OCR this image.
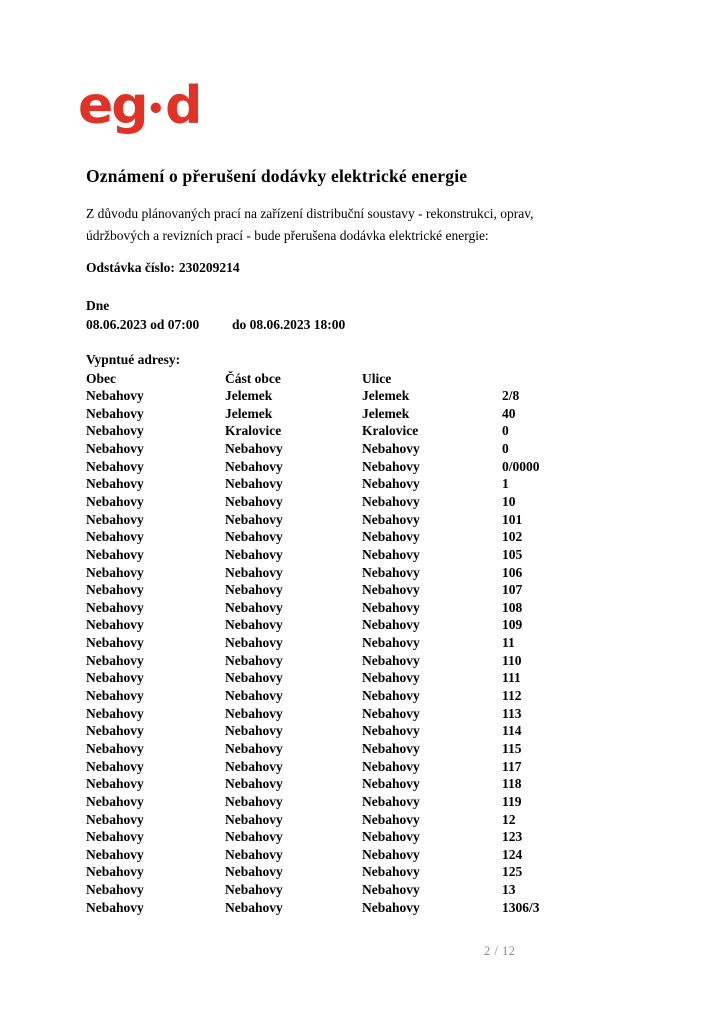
eg•d
Oznámení o přerušení dodávky elektrické energie
Z důvodu plánovaných prací na zařízení distribuční soustavy - rekonstrukci, oprav,
údržbových a revizních prací - bude přerušena dodávka elektrické energie:
Odstávka číslo: 230209214
Dne
08.06.2023 od 07:00 do 08.06.2023 18:00
Vypntué adresy:
Obec	Část obce	Ulice
Nebahovy	Jelemek	Jelemek	2/8
Nebahovy	Jelemek	Jelemek	40
Nebahovy	Kralovice	Kralovice	0
Nebahovy	Nebahovy	Nebahovy	0
Nebahovy	Nebahovy	Nebahovy	0/0000
Nebahovy	Nebahovy	Nebahovy	1
Nebahovy	Nebahovy	Nebahovy	10
Nebahovy	Nebahovy	Nebahovy	101
Nebahovy	Nebahovy	Nebahovy	102
Nebahovy	Nebahovy	Nebahovy	105
Nebahovy	Nebahovy	Nebahovy	106
Nebahovy	Nebahovy	Nebahovy	107
Nebahovy	Nebahovy	Nebahovy	108
Nebahovy	Nebahovy	Nebahovy	109
Nebahovy	Nebahovy	Nebahovy	11
Nebahovy	Nebahovy	Nebahovy	110
Nebahovy	Nebahovy	Nebahovy	111
Nebahovy	Nebahovy	Nebahovy	112
Nebahovy	Nebahovy	Nebahovy	113
Nebahovy	Nebahovy	Nebahovy	114
Nebahovy	Nebahovy	Nebahovy	115
Nebahovy	Nebahovy	Nebahovy	117
Nebahovy	Nebahovy	Nebahovy	118
Nebahovy	Nebahovy	Nebahovy	119
Nebahovy	Nebahovy	Nebahovy	12
Nebahovy	Nebahovy	Nebahovy	123
Nebahovy	Nebahovy	Nebahovy	124
Nebahovy	Nebahovy	Nebahovy	125
Nebahovy	Nebahovy	Nebahovy	13
Nebahovy	Nebahovy	Nebahovy	1306/3
2 / 12
